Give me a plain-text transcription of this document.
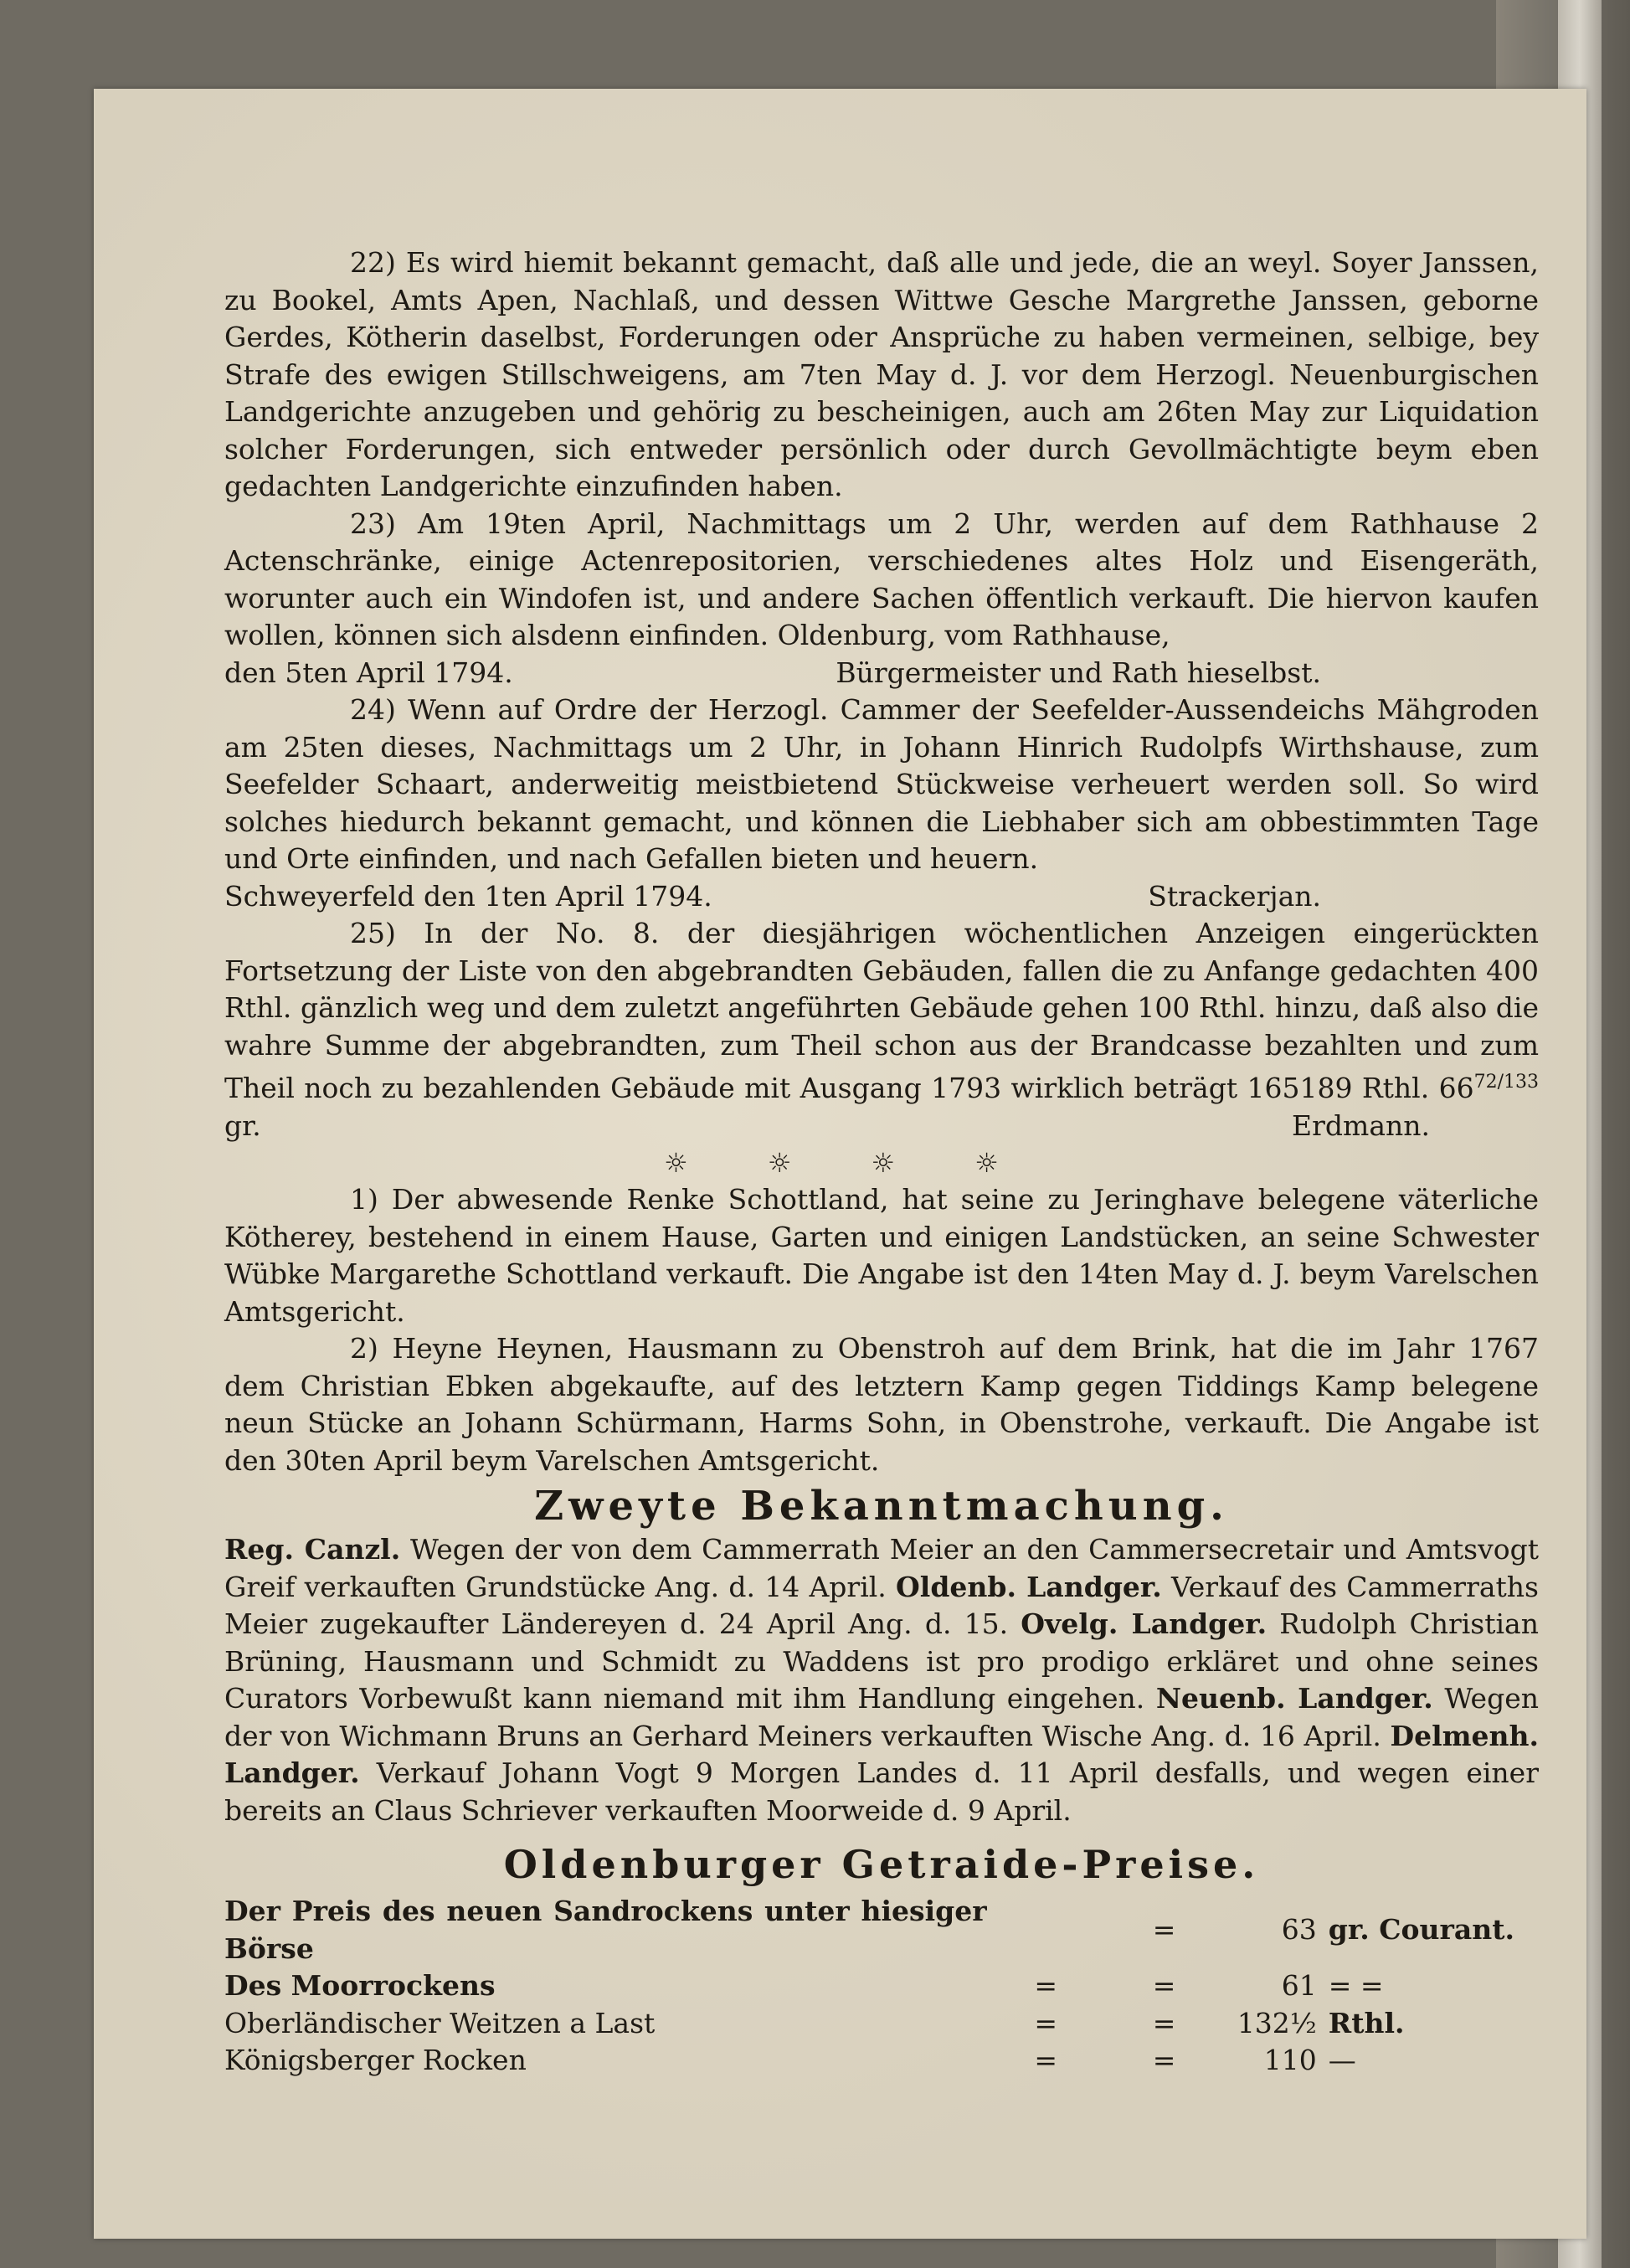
22) Es wird hiemit bekannt gemacht, daß alle und jede, die an weyl. Soyer Janssen, zu Bookel, Amts Apen, Nachlaß, und dessen Wittwe Gesche Margrethe Janssen, geborne Gerdes, Kötherin daselbst, Forderungen oder Ansprüche zu haben vermeinen, selbige, bey Strafe des ewigen Stillschweigens, am 7ten May d. J. vor dem Herzogl. Neuenburgischen Landgerichte anzugeben und gehörig zu bescheinigen, auch am 26ten May zur Liquidation solcher Forderungen, sich entweder persönlich oder durch Gevollmächtigte beym eben gedachten Landgerichte einzufinden haben.

23) Am 19ten April, Nachmittags um 2 Uhr, werden auf dem Rathhause 2 Actenschränke, einige Actenrepositorien, verschiedenes altes Holz und Eisengeräth, worunter auch ein Windofen ist, und andere Sachen öffentlich verkauft. Die hiervon kaufen wollen, können sich alsdenn einfinden. Oldenburg, vom Rathhause,

den 5ten April 1794.	Bürgermeister und Rath hieselbst.

24) Wenn auf Ordre der Herzogl. Cammer der Seefelder-Aussendeichs Mähgroden am 25ten dieses, Nachmittags um 2 Uhr, in Johann Hinrich Rudolpfs Wirthshause, zum Seefelder Schaart, anderweitig meistbietend Stückweise verheuert werden soll. So wird solches hiedurch bekannt gemacht, und können die Liebhaber sich am obbestimmten Tage und Orte einfinden, und nach Gefallen bieten und heuern.

Schweyerfeld den 1ten April 1794.	Strackerjan.

25) In der No. 8. der diesjährigen wöchentlichen Anzeigen eingerückten Fortsetzung der Liste von den abgebrandten Gebäuden, fallen die zu Anfange gedachten 400 Rthl. gänzlich weg und dem zuletzt angeführten Gebäude gehen 100 Rthl. hinzu, daß also die wahre Summe der abgebrandten, zum Theil schon aus der Brandcasse bezahlten und zum Theil noch zu bezahlenden Gebäude mit Ausgang 1793 wirklich beträgt 165189 Rthl. $66^{72/133}$ gr.	Erdmann.

☼	☼	☼	☼

1) Der abwesende Renke Schottland, hat seine zu Jeringhave belegene väterliche Kötherey, bestehend in einem Hause, Garten und einigen Landstücken, an seine Schwester Wübke Margarethe Schottland verkauft. Die Angabe ist den 14ten May d. J. beym Varelschen Amtsgericht.

2) Heyne Heynen, Hausmann zu Obenstroh auf dem Brink, hat die im Jahr 1767 dem Christian Ebken abgekaufte, auf des letztern Kamp gegen Tiddings Kamp belegene neun Stücke an Johann Schürmann, Harms Sohn, in Obenstrohe, verkauft. Die Angabe ist den 30ten April beym Varelschen Amtsgericht.

Zweyte Bekanntmachung.

Reg. Canzl. Wegen der von dem Cammerrath Meier an den Cammersecretair und Amtsvogt Greif verkauften Grundstücke Ang. d. 14 April. Oldenb. Landger. Verkauf des Cammerraths Meier zugekaufter Ländereyen d. 24 April Ang. d. 15. Ovelg. Landger. Rudolph Christian Brüning, Hausmann und Schmidt zu Waddens ist pro prodigo erkläret und ohne seines Curators Vorbewußt kann niemand mit ihm Handlung eingehen. Neuenb. Landger. Wegen der von Wichmann Bruns an Gerhard Meiners verkauften Wische Ang. d. 16 April. Delmenh. Landger. Verkauf Johann Vogt 9 Morgen Landes d. 11 April desfalls, und wegen einer bereits an Claus Schriever verkauften Moorweide d. 9 April.

Oldenburger Getraide-Preise.
Der Preis des neuen Sandrockens unter hiesiger Börse		=	63	gr. Courant.
Des Moorrockens	=	=	61	= =
Oberländischer Weitzen a Last	=	=	132½	Rthl.
Königsberger Rocken	=	=	110	—
